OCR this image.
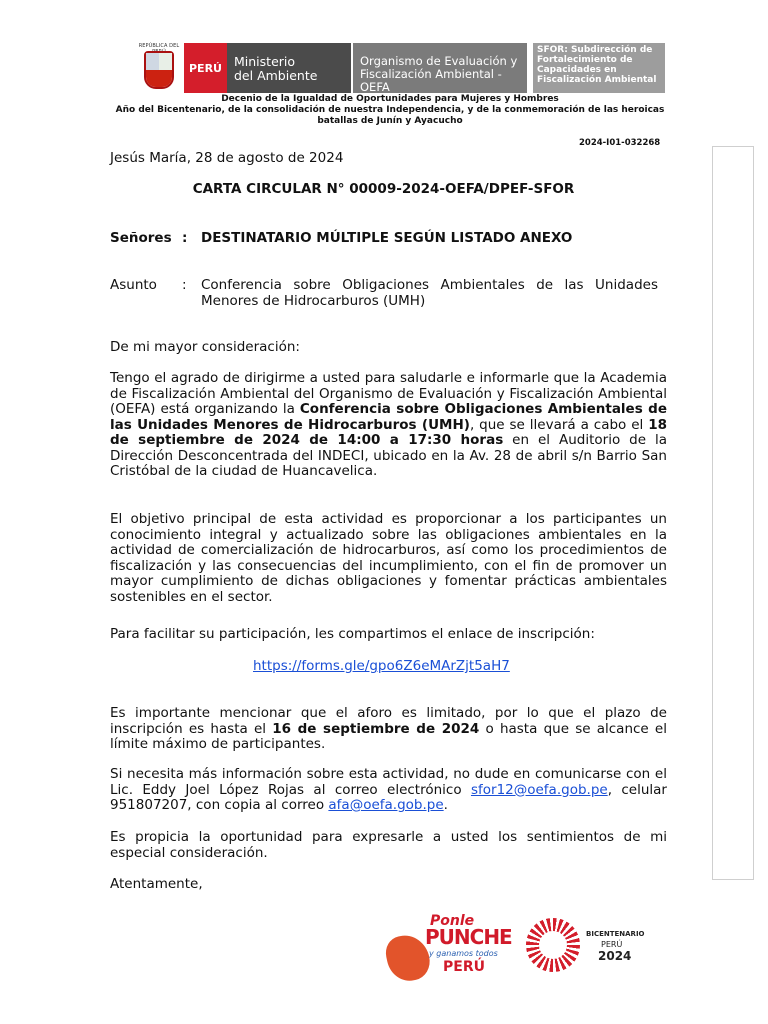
REPÚBLICA DEL
PERÚ Ministerio
del Ambiente
Organismo de Evaluación y
Fiscalización Ambiental - OEFA
SFOR: Subdirección de
Fortalecimiento de
Capacidades en
Fiscalización Ambiental
Decenio de la Igualdad de Oportunidades para Mujeres y Hombres
Año del Bicentenario, de la consolidación de nuestra Independencia, y de la conmemoración de las heroicas
batallas de Junín y Ayacucho
2024-I01-032268
Jesús María, 28 de agosto de 2024
CARTA CIRCULAR N° 00009-2024-OEFA/DPEF-SFOR
Señores : DESTINATARIO MÚLTIPLE SEGÚN LISTADO ANEXO
Asunto : Conferencia sobre Obligaciones Ambientales de las Unidades Menores de Hidrocarburos (UMH)
De mi mayor consideración:
Tengo el agrado de dirigirme a usted para saludarle e informarle que la Academia de Fiscalización Ambiental del Organismo de Evaluación y Fiscalización Ambiental (OEFA) está organizando la Conferencia sobre Obligaciones Ambientales de las Unidades Menores de Hidrocarburos (UMH), que se llevará a cabo el 18 de septiembre de 2024 de 14:00 a 17:30 horas en el Auditorio de la Dirección Desconcentrada del INDECI, ubicado en la Av. 28 de abril s/n Barrio San Cristóbal de la ciudad de Huancavelica.
El objetivo principal de esta actividad es proporcionar a los participantes un conocimiento integral y actualizado sobre las obligaciones ambientales en la actividad de comercialización de hidrocarburos, así como los procedimientos de fiscalización y las consecuencias del incumplimiento, con el fin de promover un mayor cumplimiento de dichas obligaciones y fomentar prácticas ambientales sostenibles en el sector.
Para facilitar su participación, les compartimos el enlace de inscripción:
https://forms.gle/gpo6Z6eMArZjt5aH7
Es importante mencionar que el aforo es limitado, por lo que el plazo de inscripción es hasta el 16 de septiembre de 2024 o hasta que se alcance el límite máximo de participantes.
Si necesita más información sobre esta actividad, no dude en comunicarse con el Lic. Eddy Joel López Rojas al correo electrónico sfor12@oefa.gob.pe, celular 951807207, con copia al correo afa@oefa.gob.pe.
Es propicia la oportunidad para expresarle a usted los sentimientos de mi especial consideración.
Atentamente,
Ponle
PUNCHE
y ganamos todos
PERÚ
BICENTENARIO
PERÚ
2024
